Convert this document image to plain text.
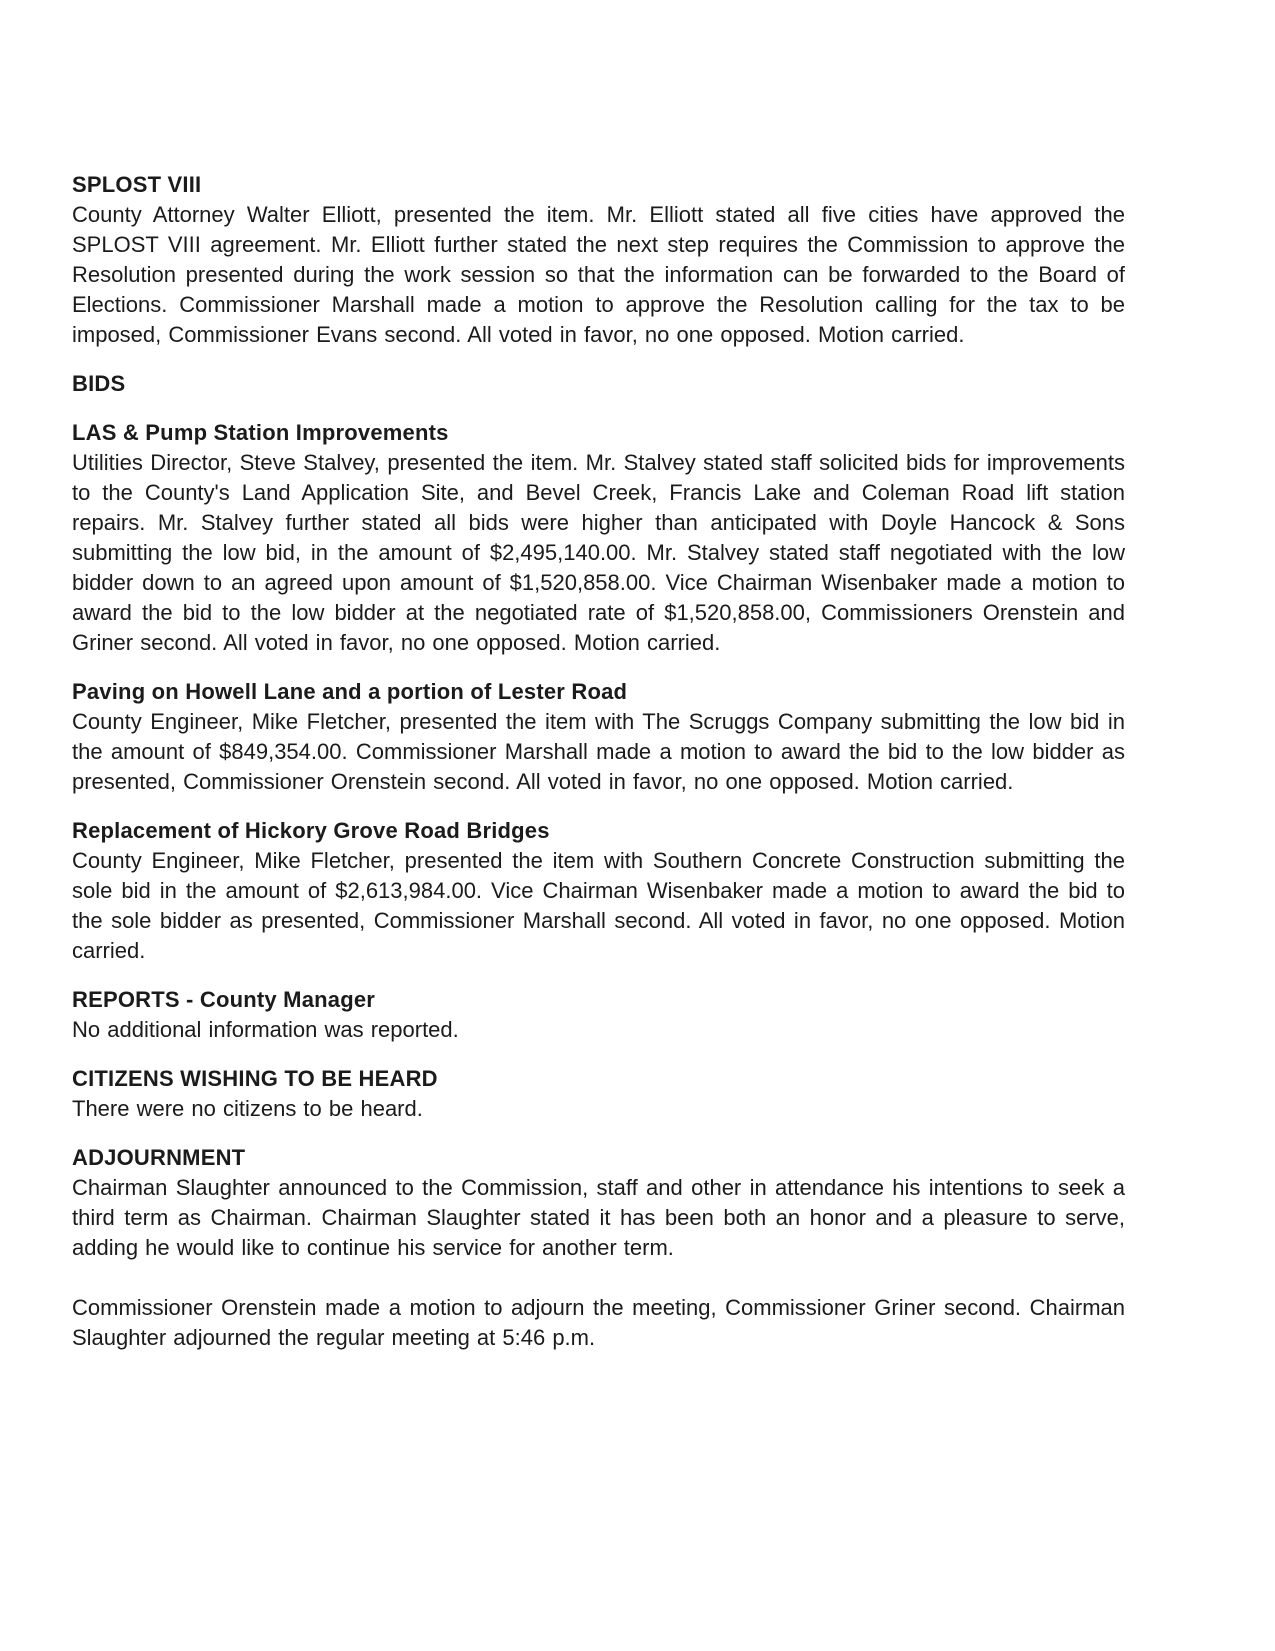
SPLOST VIII

County Attorney Walter Elliott, presented the item. Mr. Elliott stated all five cities have approved the SPLOST VIII agreement. Mr. Elliott further stated the next step requires the Commission to approve the Resolution presented during the work session so that the information can be forwarded to the Board of Elections. Commissioner Marshall made a motion to approve the Resolution calling for the tax to be imposed, Commissioner Evans second. All voted in favor, no one opposed. Motion carried.

BIDS
LAS & Pump Station Improvements

Utilities Director, Steve Stalvey, presented the item. Mr. Stalvey stated staff solicited bids for improvements to the County's Land Application Site, and Bevel Creek, Francis Lake and Coleman Road lift station repairs. Mr. Stalvey further stated all bids were higher than anticipated with Doyle Hancock & Sons submitting the low bid, in the amount of $2,495,140.00. Mr. Stalvey stated staff negotiated with the low bidder down to an agreed upon amount of $1,520,858.00. Vice Chairman Wisenbaker made a motion to award the bid to the low bidder at the negotiated rate of $1,520,858.00, Commissioners Orenstein and Griner second. All voted in favor, no one opposed. Motion carried.

Paving on Howell Lane and a portion of Lester Road

County Engineer, Mike Fletcher, presented the item with The Scruggs Company submitting the low bid in the amount of $849,354.00. Commissioner Marshall made a motion to award the bid to the low bidder as presented, Commissioner Orenstein second. All voted in favor, no one opposed. Motion carried.

Replacement of Hickory Grove Road Bridges

County Engineer, Mike Fletcher, presented the item with Southern Concrete Construction submitting the sole bid in the amount of $2,613,984.00. Vice Chairman Wisenbaker made a motion to award the bid to the sole bidder as presented, Commissioner Marshall second. All voted in favor, no one opposed. Motion carried.

REPORTS - County Manager

No additional information was reported.

CITIZENS WISHING TO BE HEARD

There were no citizens to be heard.

ADJOURNMENT

Chairman Slaughter announced to the Commission, staff and other in attendance his intentions to seek a third term as Chairman. Chairman Slaughter stated it has been both an honor and a pleasure to serve, adding he would like to continue his service for another term.

Commissioner Orenstein made a motion to adjourn the meeting, Commissioner Griner second. Chairman Slaughter adjourned the regular meeting at 5:46 p.m.
